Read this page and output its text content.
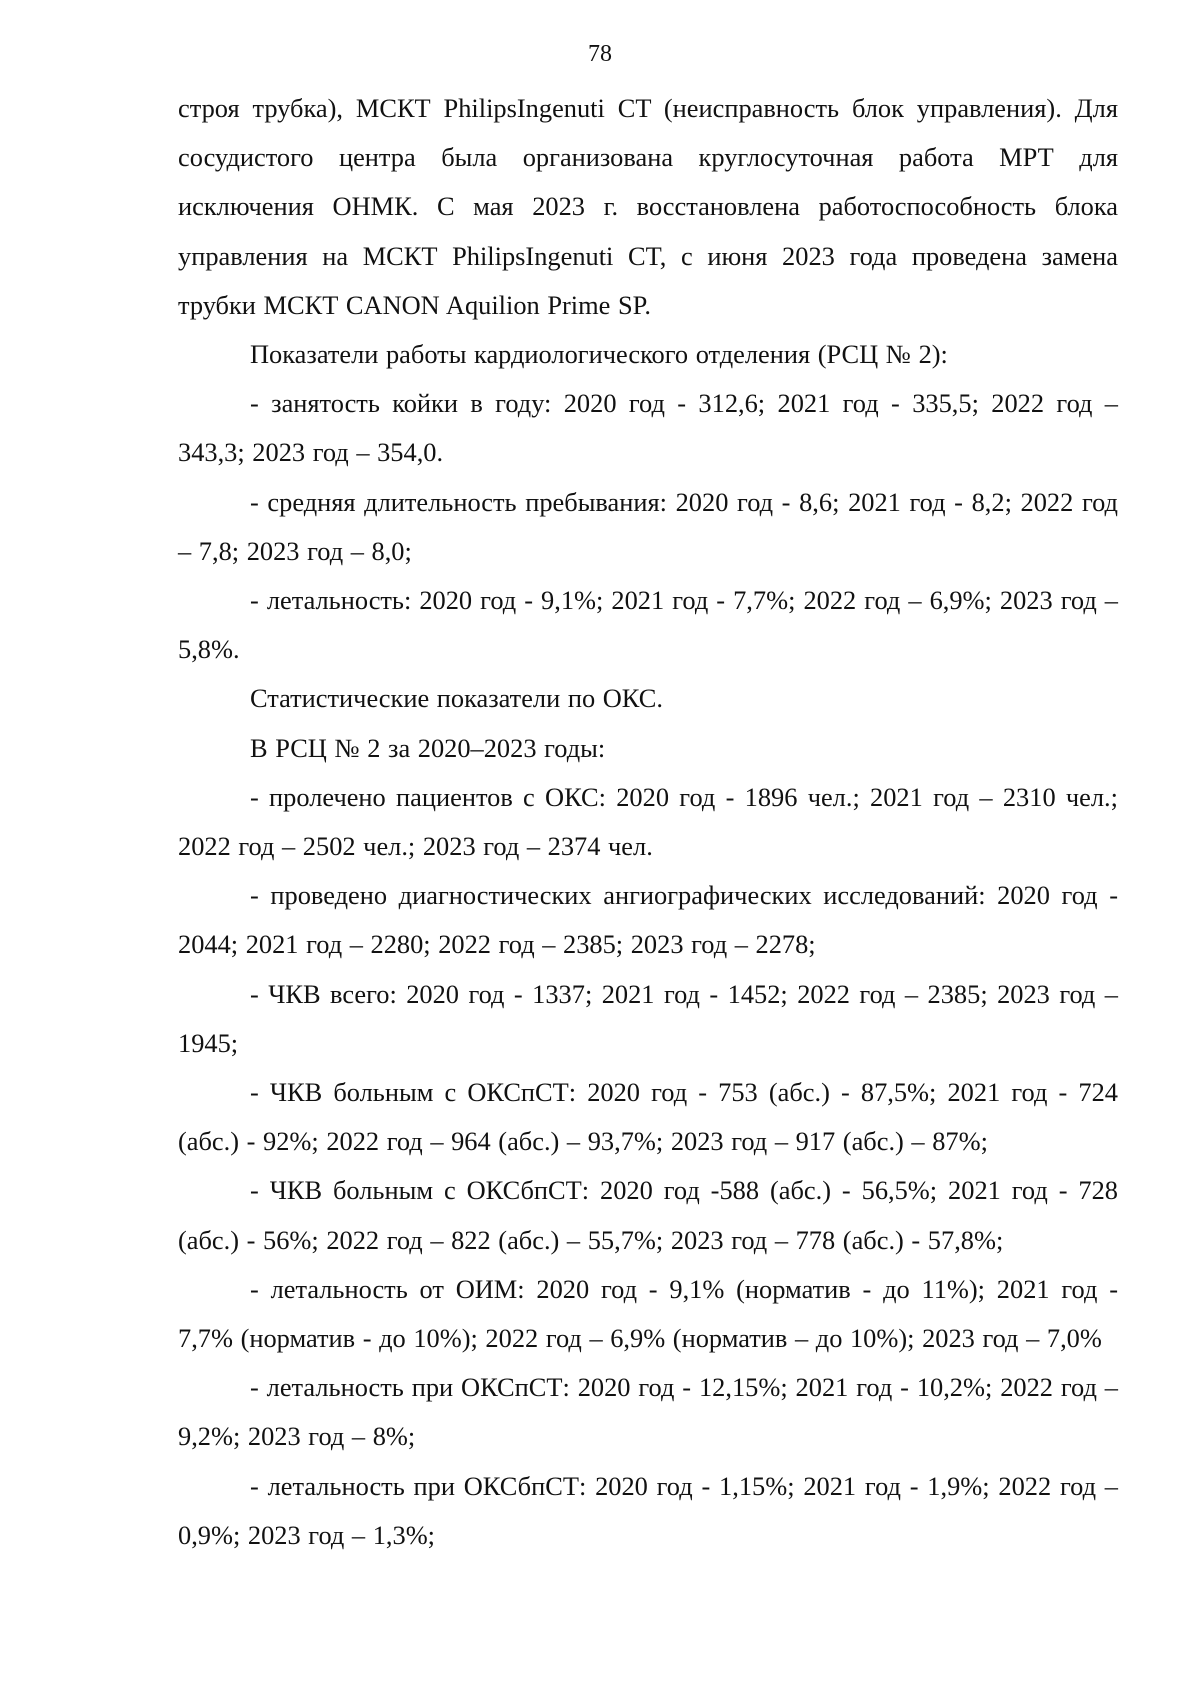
78

строя трубка), МСКТ PhilipsIngenuti CT (неисправность блок управления). Для сосудистого центра была организована круглосуточная работа МРТ для исключения ОНМК. С мая 2023 г. восстановлена работоспособность блока управления на МСКТ PhilipsIngenuti CT, с июня 2023 года проведена замена трубки МСКТ CANON Aquilion Prime SP.

Показатели работы кардиологического отделения (РСЦ № 2):

- занятость койки в году: 2020 год - 312,6; 2021 год - 335,5; 2022 год – 343,3; 2023 год – 354,0.

- средняя длительность пребывания: 2020 год - 8,6; 2021 год - 8,2; 2022 год – 7,8; 2023 год – 8,0;

- летальность: 2020 год - 9,1%; 2021 год - 7,7%; 2022 год – 6,9%; 2023 год – 5,8%.

Статистические показатели по ОКС.

В РСЦ № 2 за 2020–2023 годы:

- пролечено пациентов с ОКС: 2020 год - 1896 чел.; 2021 год – 2310 чел.; 2022 год – 2502 чел.; 2023 год – 2374 чел.

- проведено диагностических ангиографических исследований: 2020 год - 2044; 2021 год – 2280; 2022 год – 2385; 2023 год – 2278;

- ЧКВ всего: 2020 год - 1337; 2021 год - 1452; 2022 год – 2385; 2023 год – 1945;

- ЧКВ больным с ОКСпСТ: 2020 год - 753 (абс.) - 87,5%; 2021 год - 724 (абс.) - 92%; 2022 год – 964 (абс.) – 93,7%; 2023 год – 917 (абс.) – 87%;

- ЧКВ больным с ОКСбпСТ: 2020 год -588 (абс.) - 56,5%; 2021 год - 728 (абс.) - 56%; 2022 год – 822 (абс.) – 55,7%; 2023 год – 778 (абс.) - 57,8%;

- летальность от ОИМ: 2020 год - 9,1% (норматив - до 11%); 2021 год - 7,7% (норматив - до 10%); 2022 год – 6,9% (норматив – до 10%); 2023 год – 7,0%

- летальность при ОКСпСТ: 2020 год - 12,15%; 2021 год - 10,2%; 2022 год – 9,2%; 2023 год – 8%;

- летальность при ОКСбпСТ: 2020 год - 1,15%; 2021 год - 1,9%; 2022 год – 0,9%; 2023 год – 1,3%;
